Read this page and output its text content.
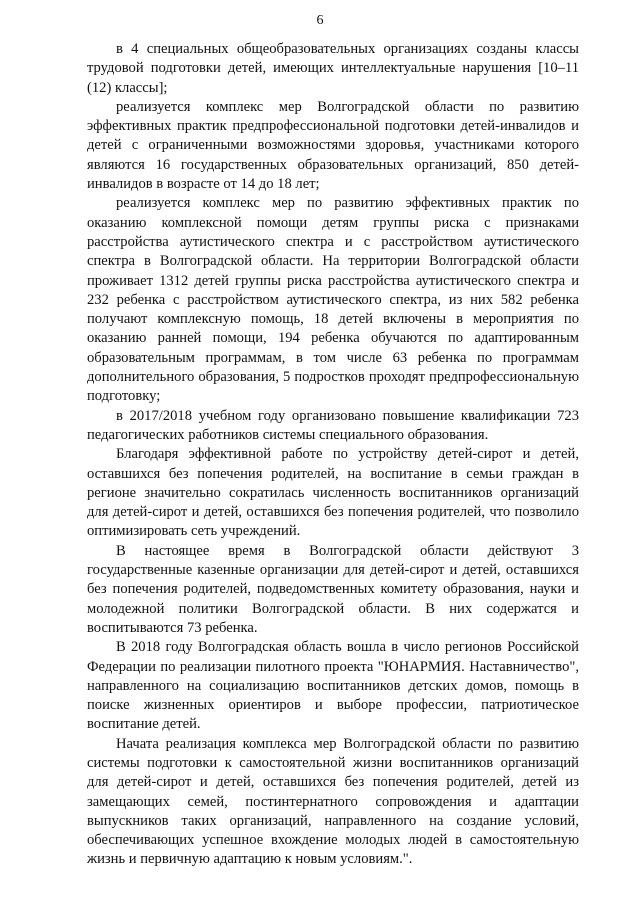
6

в 4 специальных общеобразовательных организациях созданы классы трудовой подготовки детей, имеющих интеллектуальные нарушения [10–11 (12) классы];

реализуется комплекс мер Волгоградской области по развитию эффективных практик предпрофессиональной подготовки детей-инвалидов и детей с ограниченными возможностями здоровья, участниками которого являются 16 государственных образовательных организаций, 850 детей-инвалидов в возрасте от 14 до 18 лет;

реализуется комплекс мер по развитию эффективных практик по оказанию комплексной помощи детям группы риска с признаками расстройства аутистического спектра и с расстройством аутистического спектра в Волгоградской области. На территории Волгоградской области проживает 1312 детей группы риска расстройства аутистического спектра и 232 ребенка с расстройством аутистического спектра, из них 582 ребенка получают комплексную помощь, 18 детей включены в мероприятия по оказанию ранней помощи, 194 ребенка обучаются по адаптированным образовательным программам, в том числе 63 ребенка по программам дополнительного образования, 5 подростков проходят предпрофессиональную подготовку;

в 2017/2018 учебном году организовано повышение квалификации 723 педагогических работников системы специального образования.

Благодаря эффективной работе по устройству детей-сирот и детей, оставшихся без попечения родителей, на воспитание в семьи граждан в регионе значительно сократилась численность воспитанников организаций для детей-сирот и детей, оставшихся без попечения родителей, что позволило оптимизировать сеть учреждений.

В настоящее время в Волгоградской области действуют 3 государственные казенные организации для детей-сирот и детей, оставшихся без попечения родителей, подведомственных комитету образования, науки и молодежной политики Волгоградской области. В них содержатся и воспитываются 73 ребенка.

В 2018 году Волгоградская область вошла в число регионов Российской Федерации по реализации пилотного проекта "ЮНАРМИЯ. Наставничество", направленного на социализацию воспитанников детских домов, помощь в поиске жизненных ориентиров и выборе профессии, патриотическое воспитание детей.

Начата реализация комплекса мер Волгоградской области по развитию системы подготовки к самостоятельной жизни воспитанников организаций для детей-сирот и детей, оставшихся без попечения родителей, детей из замещающих семей, постинтернатного сопровождения и адаптации выпускников таких организаций, направленного на создание условий, обеспечивающих успешное вхождение молодых людей в самостоятельную жизнь и первичную адаптацию к новым условиям.".
